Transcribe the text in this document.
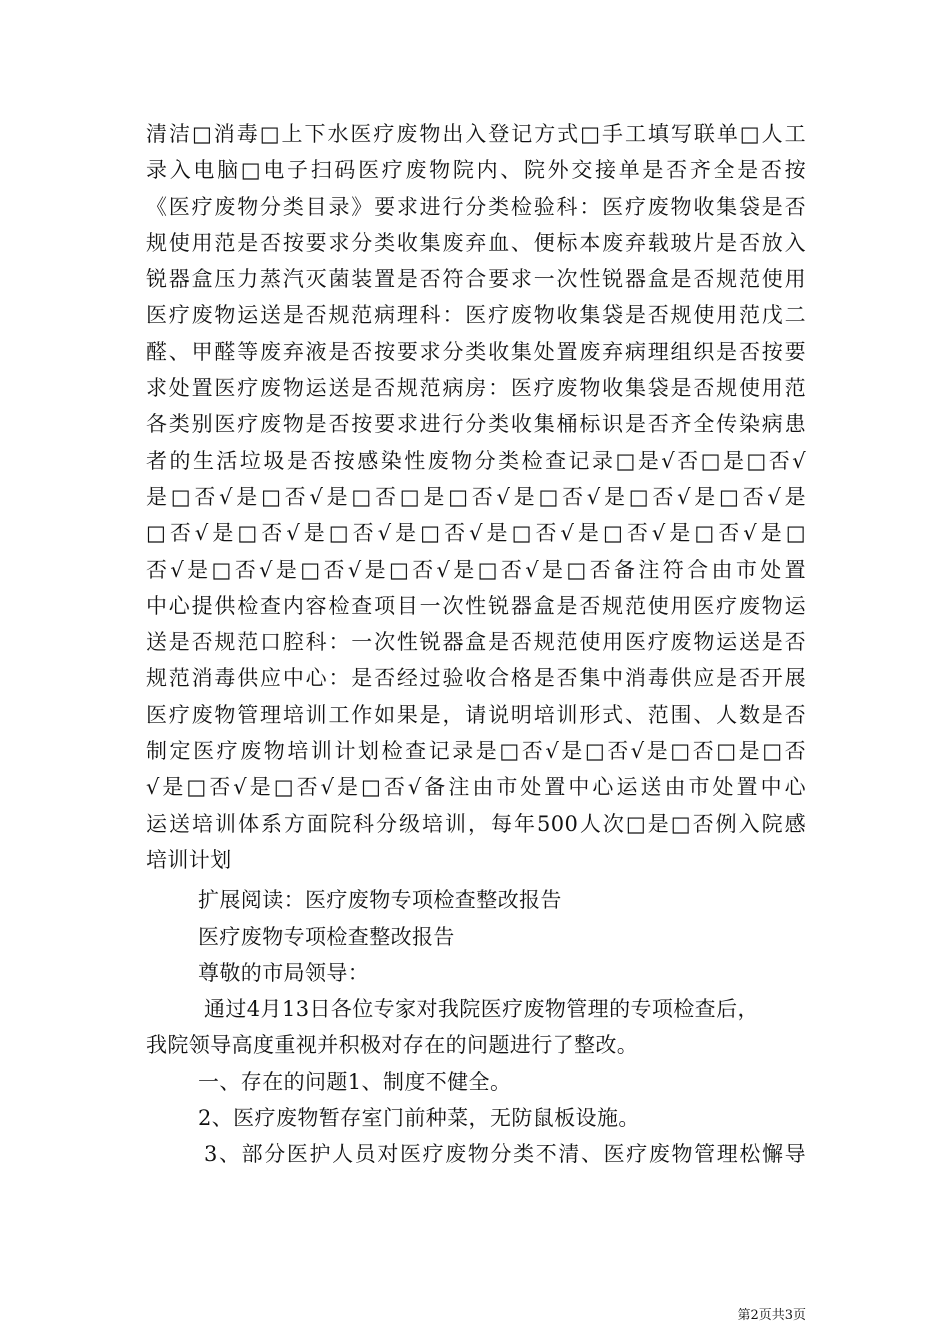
清洁□消毒□上下水医疗废物出入登记方式□手工填写联单□人工
录入电脑□电子扫码医疗废物院内、院外交接单是否齐全是否按
《医疗废物分类目录》要求进行分类检验科：医疗废物收集袋是否
规使用范是否按要求分类收集废弃血、便标本废弃载玻片是否放入
锐器盒压力蒸汽灭菌装置是否符合要求一次性锐器盒是否规范使用
医疗废物运送是否规范病理科：医疗废物收集袋是否规使用范戊二
醛、甲醛等废弃液是否按要求分类收集处置废弃病理组织是否按要
求处置医疗废物运送是否规范病房：医疗废物收集袋是否规使用范
各类别医疗废物是否按要求进行分类收集桶标识是否齐全传染病患
者的生活垃圾是否按感染性废物分类检查记录□是√否□是□否√
是□否√是□否√是□否□是□否√是□否√是□否√是□否√是
□否√是□否√是□否√是□否√是□否√是□否√是□否√是□
否√是□否√是□否√是□否√是□否√是□否备注符合由市处置
中心提供检查内容检查项目一次性锐器盒是否规范使用医疗废物运
送是否规范口腔科：一次性锐器盒是否规范使用医疗废物运送是否
规范消毒供应中心：是否经过验收合格是否集中消毒供应是否开展
医疗废物管理培训工作如果是，请说明培训形式、范围、人数是否
制定医疗废物培训计划检查记录是□否√是□否√是□否□是□否
√是□否√是□否√是□否√备注由市处置中心运送由市处置中心
运送培训体系方面院科分级培训，每年500人次□是□否例入院感
培训计划
扩展阅读：医疗废物专项检查整改报告
医疗废物专项检查整改报告
尊敬的市局领导：
通过4月13日各位专家对我院医疗废物管理的专项检查后，
我院领导高度重视并积极对存在的问题进行了整改。
一、存在的问题1、制度不健全。
2、医疗废物暂存室门前种菜，无防鼠板设施。
3、部分医护人员对医疗废物分类不清、医疗废物管理松懈导
第2页共3页
